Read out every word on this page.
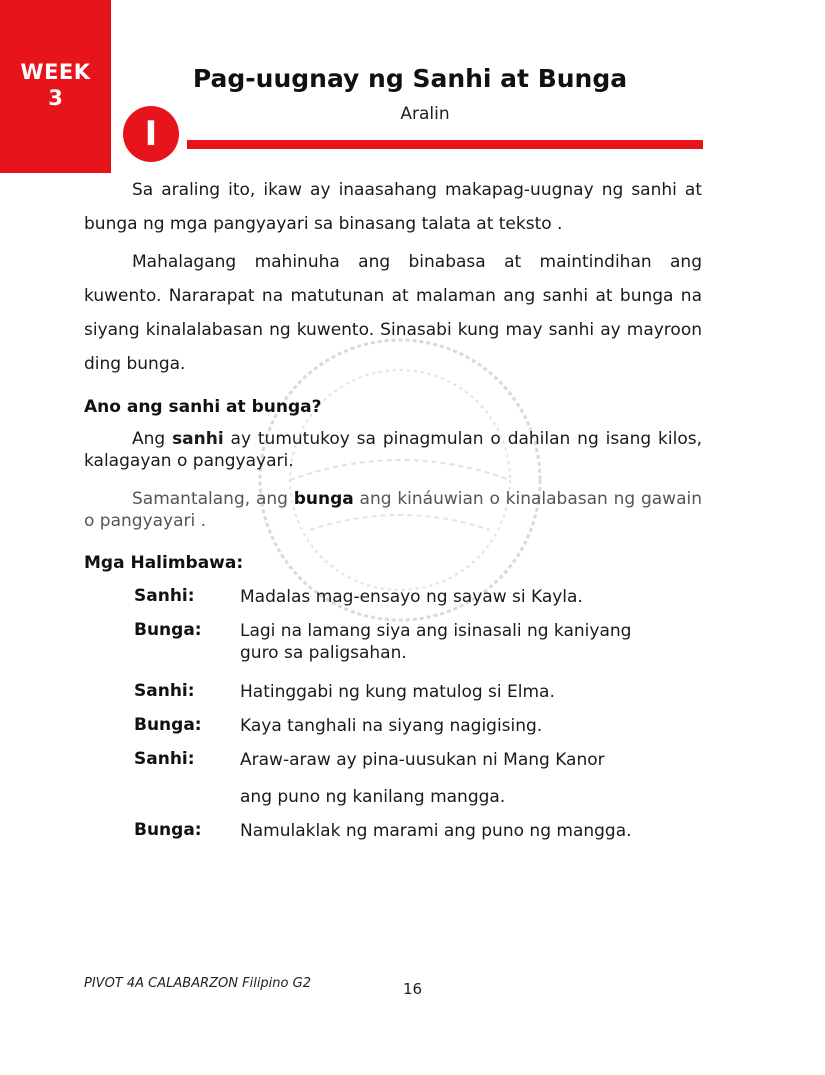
WEEK
3
Pag-uugnay ng Sanhi at Bunga
Aralin
I

Sa araling ito, ikaw ay inaasahang makapag-uugnay ng sanhi at bunga ng mga pangyayari sa binasang talata at teksto .

Mahalagang mahinuha ang binabasa at maintindihan ang kuwento. Nararapat na matutunan at malaman ang sanhi at bunga na siyang kinalalabasan ng kuwento. Sinasabi kung may sanhi ay mayroon ding bunga.

Ano ang sanhi at bunga?

Ang sanhi ay tumutukoy sa pinagmulan o dahilan ng isang kilos, kalagayan o pangyayari.

Samantalang, ang bunga ang kináuwian o kinalabasan ng gawain o pangyayari .

Mga Halimbawa:
Sanhi:	Madalas mag-ensayo ng sayaw si Kayla.
Bunga: Lagi na lamang siya ang isinasali ng kaniyang guro sa paligsahan.
Sanhi:	Hatinggabi ng kung matulog si Elma.
Bunga: Kaya tanghali na siyang nagigising.
Sanhi:	Araw-araw ay pina-uusukan ni Mang Kanor
ang puno ng kanilang mangga.
Bunga: Namulaklak ng marami ang puno ng mangga.
PIVOT 4A CALABARZON Filipino G2	16
